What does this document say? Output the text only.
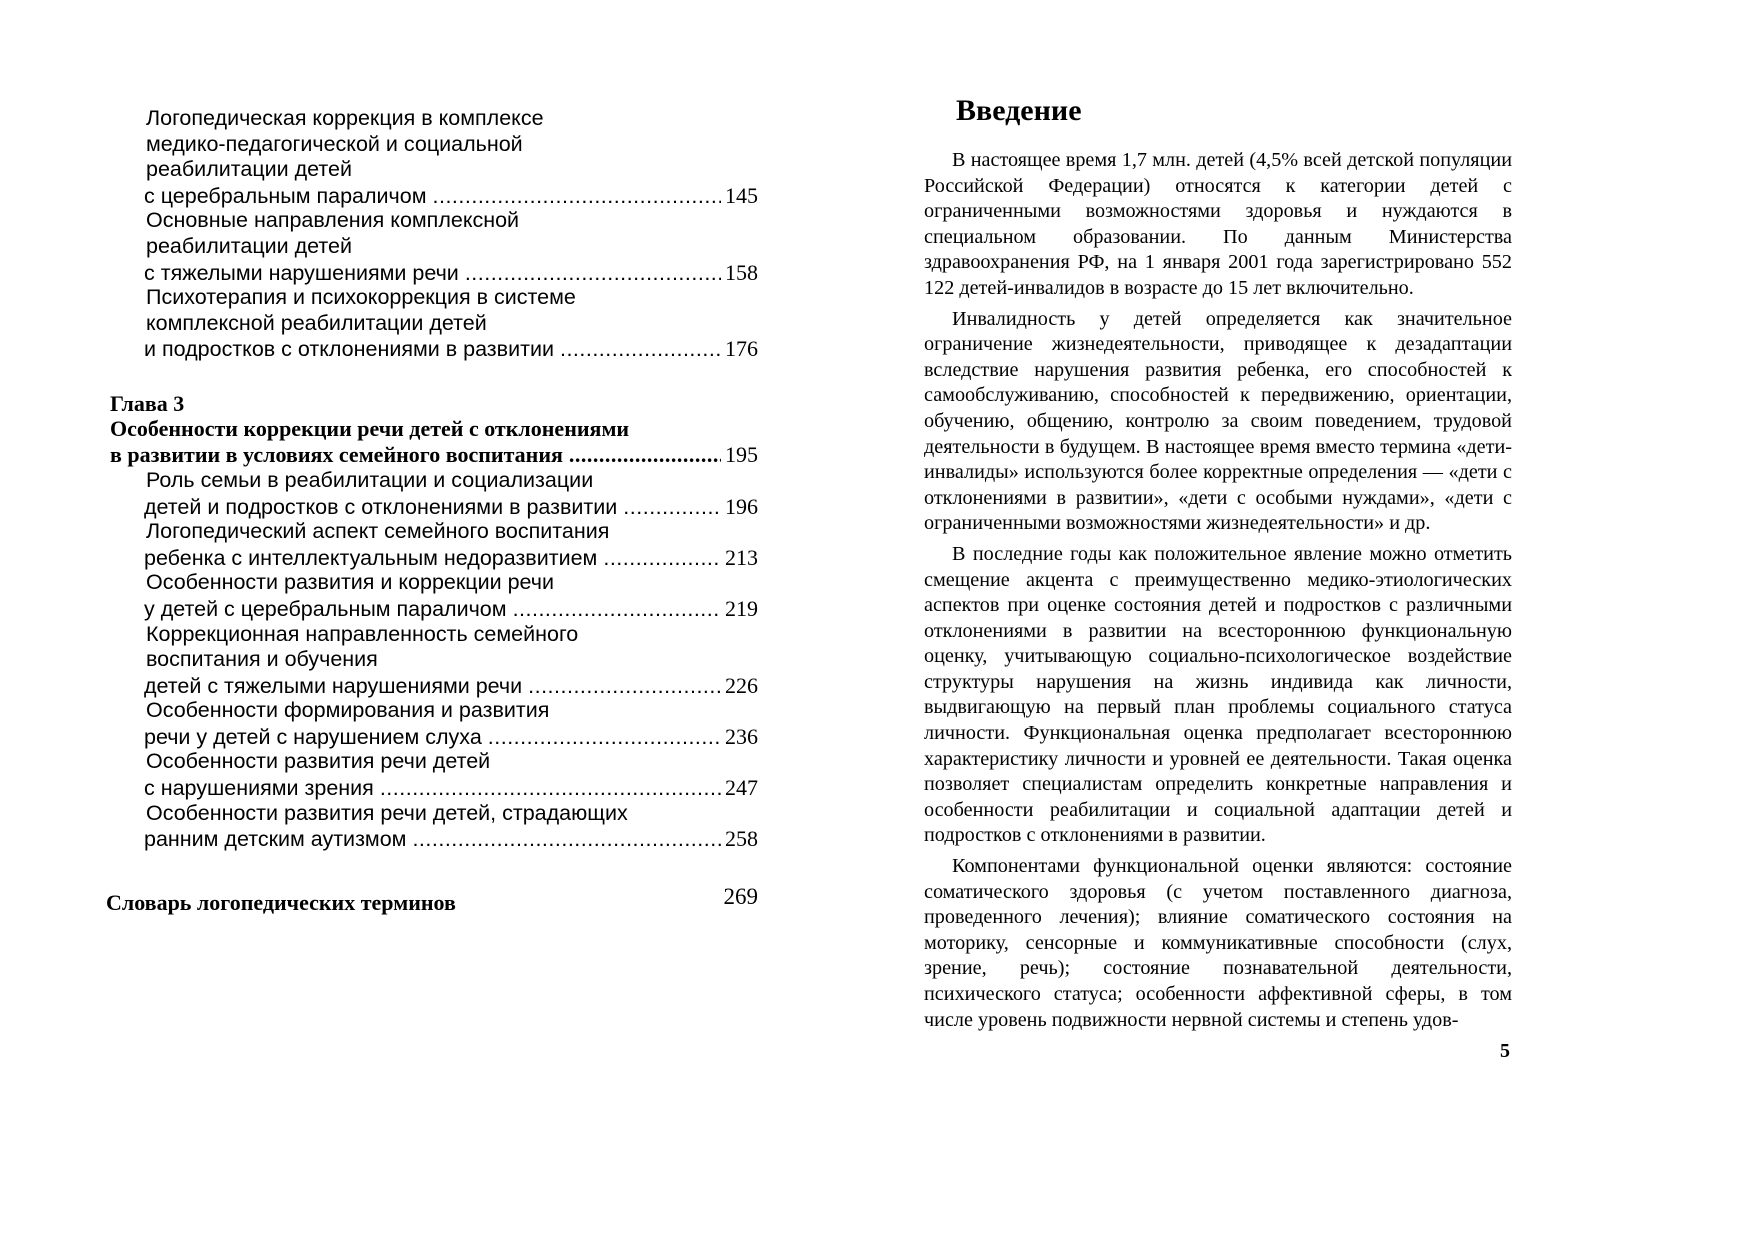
Логопедическая коррекция в комплексе
медико-педагогической и социальной
реабилитации детей
с церебральным параличом .....	145
Основные направления комплексной
реабилитации детей
с тяжелыми нарушениями речи .....	158
Психотерапия и психокоррекция в системе
комплексной реабилитации детей
и подростков с отклонениями в развитии .....	176
Глава 3
Особенности коррекции речи детей с отклонениями
в развитии в условиях семейного воспитания .....	195
Роль семьи в реабилитации и социализации
детей и подростков с отклонениями в развитии .....	196
Логопедический аспект семейного воспитания
ребенка с интеллектуальным недоразвитием .....	213
Особенности развития и коррекции речи
у детей с церебральным параличом .....	219
Коррекционная направленность семейного
воспитания и обучения
детей с тяжелыми нарушениями речи .....	226
Особенности формирования и развития
речи у детей с нарушением слуха .....	236
Особенности развития речи детей
с нарушениями зрения .....	247
Особенности развития речи детей, страдающих
ранним детским аутизмом .....	258
Словарь логопедических терминов	269
Введение

В настоящее время 1,7 млн. детей (4,5% всей детской популяции Российской Федерации) относятся к категории детей с ограниченными возможностями здоровья и нуждаются в специальном образовании. По данным Министерства здравоохранения РФ, на 1 января 2001 года зарегистрировано 552 122 детей-инвалидов в возрасте до 15 лет включительно.

Инвалидность у детей определяется как значительное ограничение жизнедеятельности, приводящее к дезадаптации вследствие нарушения развития ребенка, его способностей к самообслуживанию, способностей к передвижению, ориентации, обучению, общению, контролю за своим поведением, трудовой деятельности в будущем. В настоящее время вместо термина «дети-инвалиды» используются более корректные определения — «дети с отклонениями в развитии», «дети с особыми нуждами», «дети с ограниченными возможностями жизнедеятельности» и др.

В последние годы как положительное явление можно отметить смещение акцента с преимущественно медико-этиологических аспектов при оценке состояния детей и подростков с различными отклонениями в развитии на всестороннюю функциональную оценку, учитывающую социально-психологическое воздействие структуры нарушения на жизнь индивида как личности, выдвигающую на первый план проблемы социального статуса личности. Функциональная оценка предполагает всестороннюю характеристику личности и уровней ее деятельности. Такая оценка позволяет специалистам определить конкретные направления и особенности реабилитации и социальной адаптации детей и подростков с отклонениями в развитии.

Компонентами функциональной оценки являются: состояние соматического здоровья (с учетом поставленного диагноза, проведенного лечения); влияние соматического состояния на моторику, сенсорные и коммуникативные способности (слух, зрение, речь); состояние познавательной деятельности, психического статуса; особенности аффективной сферы, в том числе уровень подвижности нервной системы и степень удов-

5
